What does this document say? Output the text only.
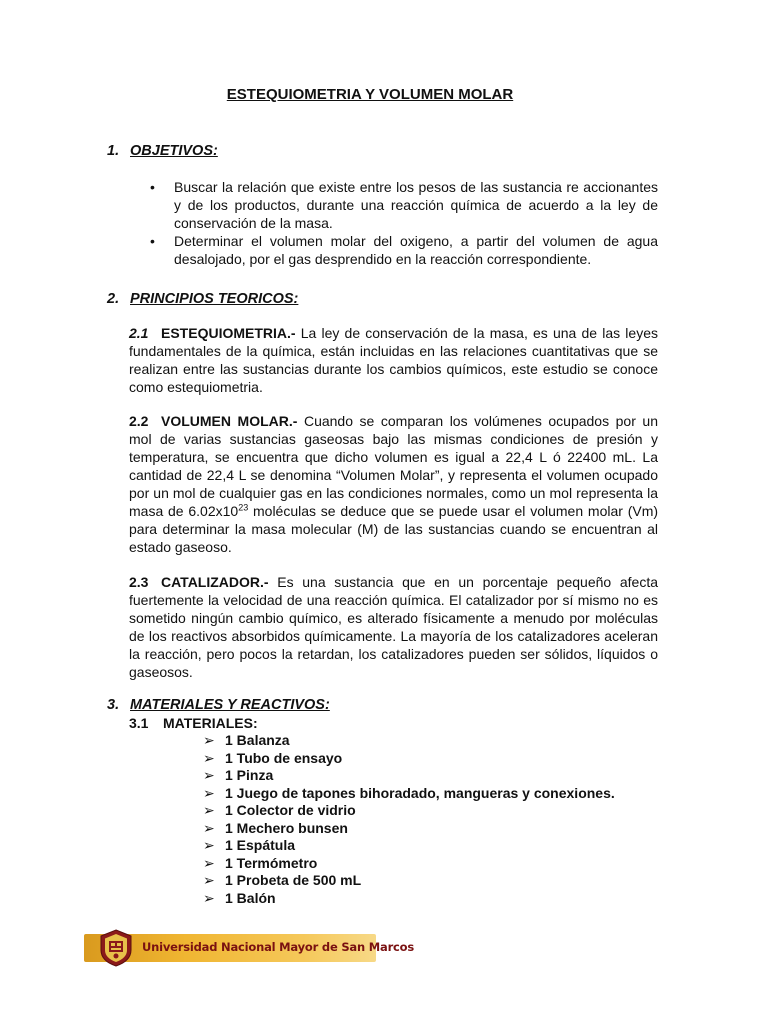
ESTEQUIOMETRIA Y VOLUMEN MOLAR
1. OBJETIVOS:
• Buscar la relación que existe entre los pesos de las sustancia re accionantes y de los productos, durante una reacción química de acuerdo a la ley de conservación de la masa.
• Determinar el volumen molar del oxigeno, a partir del volumen de agua desalojado, por el gas desprendido en la reacción correspondiente.
2. PRINCIPIOS TEORICOS:

2.1 ESTEQUIOMETRIA.- La ley de conservación de la masa, es una de las leyes fundamentales de la química, están incluidas en las relaciones cuantitativas que se realizan entre las sustancias durante los cambios químicos, este estudio se conoce como estequiometria.

2.2 VOLUMEN MOLAR.- Cuando se comparan los volúmenes ocupados por un mol de varias sustancias gaseosas bajo las mismas condiciones de presión y temperatura, se encuentra que dicho volumen es igual a 22,4 L ó 22400 mL. La cantidad de 22,4 L se denomina “Volumen Molar”, y representa el volumen ocupado por un mol de cualquier gas en las condiciones normales, como un mol representa la masa de $6.02x10^{23}$ moléculas se deduce que se puede usar el volumen molar (Vm) para determinar la masa molecular (M) de las sustancias cuando se encuentran al estado gaseoso.

2.3 CATALIZADOR.- Es una sustancia que en un porcentaje pequeño afecta fuertemente la velocidad de una reacción química. El catalizador por sí mismo no es sometido ningún cambio químico, es alterado físicamente a menudo por moléculas de los reactivos absorbidos químicamente. La mayoría de los catalizadores aceleran la reacción, pero pocos la retardan, los catalizadores pueden ser sólidos, líquidos o gaseosos.

3. MATERIALES Y REACTIVOS:
3.1 MATERIALES:
➢ 1 Balanza
➢ 1 Tubo de ensayo
➢ 1 Pinza
➢ 1 Juego de tapones bihoradado, mangueras y conexiones.
➢ 1 Colector de vidrio
➢ 1 Mechero bunsen
➢ 1 Espátula
➢ 1 Termómetro
➢ 1 Probeta de 500 mL
➢ 1 Balón
Universidad Nacional Mayor de San Marcos
